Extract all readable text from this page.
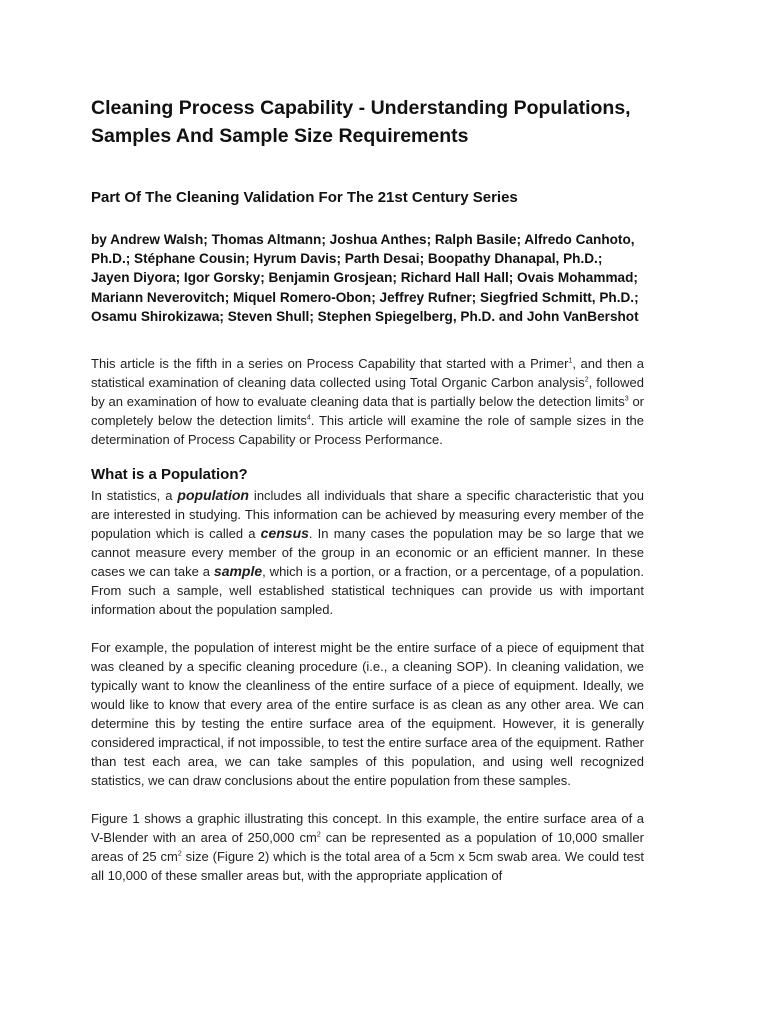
Cleaning Process Capability - Understanding Populations, Samples And Sample Size Requirements
Part Of The Cleaning Validation For The 21st Century Series

by Andrew Walsh; Thomas Altmann; Joshua Anthes; Ralph Basile; Alfredo Canhoto, Ph.D.; Stéphane Cousin; Hyrum Davis; Parth Desai; Boopathy Dhanapal, Ph.D.; Jayen Diyora; Igor Gorsky; Benjamin Grosjean; Richard Hall Hall; Ovais Mohammad; Mariann Neverovitch; Miquel Romero-Obon; Jeffrey Rufner; Siegfried Schmitt, Ph.D.; Osamu Shirokizawa; Steven Shull; Stephen Spiegelberg, Ph.D. and John VanBershot

This article is the fifth in a series on Process Capability that started with a Primer$^1$, and then a statistical examination of cleaning data collected using Total Organic Carbon analysis$^2$, followed by an examination of how to evaluate cleaning data that is partially below the detection limits$^3$ or completely below the detection limits$^4$. This article will examine the role of sample sizes in the determination of Process Capability or Process Performance.

What is a Population?

In statistics, a population includes all individuals that share a specific characteristic that you are interested in studying. This information can be achieved by measuring every member of the population which is called a census. In many cases the population may be so large that we cannot measure every member of the group in an economic or an efficient manner. In these cases we can take a sample, which is a portion, or a fraction, or a percentage, of a population. From such a sample, well established statistical techniques can provide us with important information about the population sampled.

For example, the population of interest might be the entire surface of a piece of equipment that was cleaned by a specific cleaning procedure (i.e., a cleaning SOP). In cleaning validation, we typically want to know the cleanliness of the entire surface of a piece of equipment. Ideally, we would like to know that every area of the entire surface is as clean as any other area. We can determine this by testing the entire surface area of the equipment. However, it is generally considered impractical, if not impossible, to test the entire surface area of the equipment. Rather than test each area, we can take samples of this population, and using well recognized statistics, we can draw conclusions about the entire population from these samples.

Figure 1 shows a graphic illustrating this concept. In this example, the entire surface area of a V-Blender with an area of 250,000 $cm^2$ can be represented as a population of 10,000 smaller areas of 25 $cm^2$ size (Figure 2) which is the total area of a 5cm x 5cm swab area. We could test all 10,000 of these smaller areas but, with the appropriate application of
